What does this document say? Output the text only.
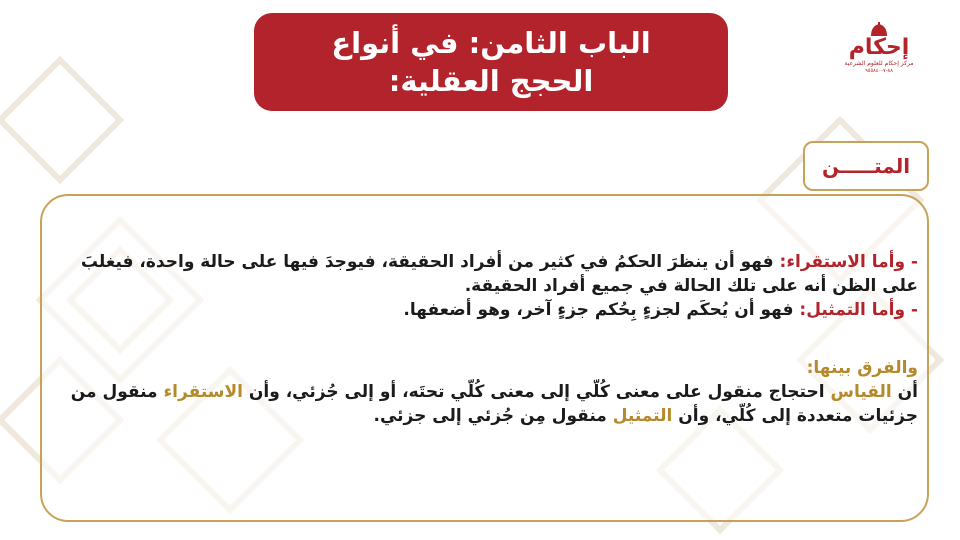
الباب الثامن: في أنواع
الحجج العقلية:
إحكام
مركز إحكام للعلوم الشرعية
٨٨-٧-٩٥٥٨٤٠
المتـــــن

- وأما الاستقراء: فهو أن ينظرَ الحكمُ في كثير من أفراد الحقيقة، فيوجدَ فيها على حالة واحدة، فيغلبَ على الظن أنه على تلك الحالة في جميع أفراد الحقيقة.

- وأما التمثيل: فهو أن يُحكَم لجزءٍ بِحُكم جزءٍ آخر، وهو أضعفها.

والفرق بينها:

أن القياس احتجاج منقول على معنى كُلّي إلى معنى كُلّي تحتَه، أو إلى جُزئي، وأن الاستقراء منقول من جزئيات متعددة إلى كُلّي، وأن التمثيل منقول مِن جُزئي إلى جزئي.
